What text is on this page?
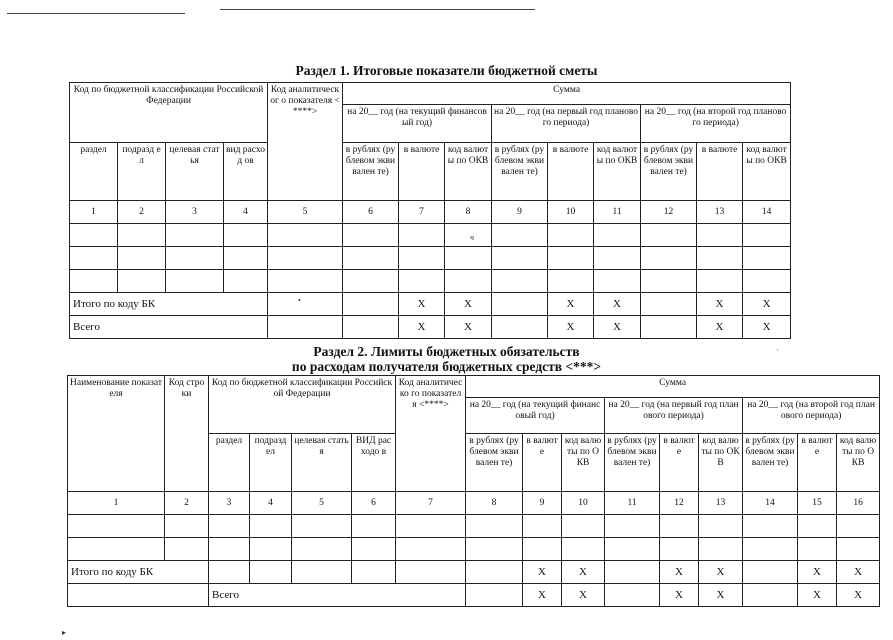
Раздел 1. Итоговые показатели бюджетной сметы
Код по бюджетной классификации Российской Федерации				Код аналитическог о показателя <****>	Сумма								
					на 20__ год (на текущий финансовый год)			на 20__ год (на первый год планового периода)			на 20__ год (на второй год планового периода)		
раздел	подразд ел	целевая статья	вид расход ов		в рублях (рублевом эквивален те)	в валюте	код валюты по ОКВ	в рублях (рублевом эквивален те)	в валюте	код валюты по ОКВ	в рублях (рублевом эквивален те)	в валюте	код валюты по ОКВ
1	2	3	4	5	6	7	8	9	10	11	12	13	14

Итого по коду БК						X	X		X	X		X	X
Всего						X	X		X	X		X	X
•
ч
Раздел 2. Лимиты бюджетных обязательств
по расходам получателя бюджетных средств <***>
Наименование показателя	Код строки	Код по бюджетной классификации Российской Федерации				Код аналитическо го показателя <****>	Сумма								
							на 20__ год (на текущий финансовый год)			на 20__ год (на первый год планового периода)			на 20__ год (на второй год планового периода)		
		раздел	подразд ел	целевая статья	ВИД расходо в		в рублях (рублевом эквивален те)	в валюте	код валюты по ОКВ	в рублях (рублевом эквивален те)	в валюте	код валюты по ОКВ	в рублях (рублевом эквивален те)	в валюте	код валюты по ОКВ
1	2	3	4	5	6	7	8	9	10	11	12	13	14	15	16

Итого по коду БК								X	X		X	X		X	X
		Всего						X	X		X	X		X	X
▸
·
